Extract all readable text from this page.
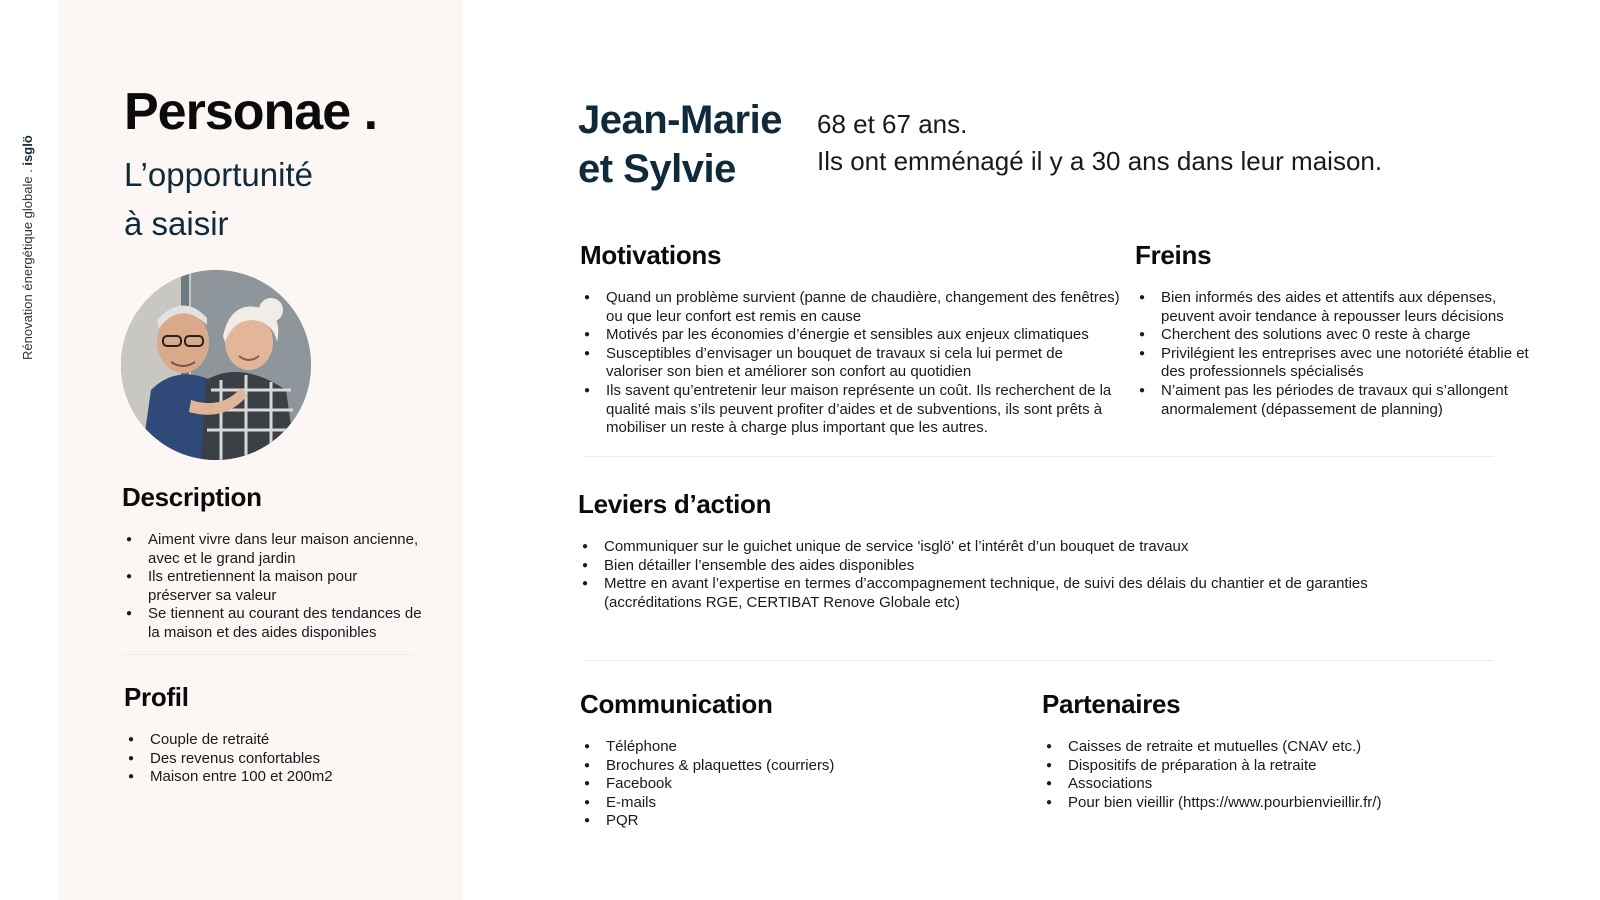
Rénovation énergétique globale . isglö
Personae .
L’opportunité
à saisir
Description
● Aiment vivre dans leur maison ancienne, avec et le grand jardin
● Ils entretiennent la maison pour préserver sa valeur
● Se tiennent au courant des tendances de la maison et des aides disponibles
Profil
● Couple de retraité
● Des revenus confortables
● Maison entre 100 et 200m2
Jean-Marie
et Sylvie
68 et 67 ans.
Ils ont emménagé il y a 30 ans dans leur maison.
Motivations
● Quand un problème survient (panne de chaudière, changement des fenêtres) ou que leur confort est remis en cause
● Motivés par les économies d’énergie et sensibles aux enjeux climatiques
● Susceptibles d’envisager un bouquet de travaux si cela lui permet de valoriser son bien et améliorer son confort au quotidien
● Ils savent qu’entretenir leur maison représente un coût. Ils recherchent de la qualité mais s’ils peuvent profiter d’aides et de subventions, ils sont prêts à mobiliser un reste à charge plus important que les autres.
Freins
● Bien informés des aides et attentifs aux dépenses, peuvent avoir tendance à repousser leurs décisions
● Cherchent des solutions avec 0 reste à charge
● Privilégient les entreprises avec une notoriété établie et des professionnels spécialisés
● N’aiment pas les périodes de travaux qui s’allongent anormalement (dépassement de planning)
Leviers d’action
● Communiquer sur le guichet unique de service 'isglö' et l’intérêt d’un bouquet de travaux
● Bien détailler l’ensemble des aides disponibles
● Mettre en avant l’expertise en termes d’accompagnement technique, de suivi des délais du chantier et de garanties (accréditations RGE, CERTIBAT Renove Globale etc)
Communication
● Téléphone
● Brochures & plaquettes (courriers)
● Facebook
● E-mails
● PQR
Partenaires
● Caisses de retraite et mutuelles (CNAV etc.)
● Dispositifs de préparation à la retraite
● Associations
● Pour bien vieillir (https://www.pourbienvieillir.fr/)
